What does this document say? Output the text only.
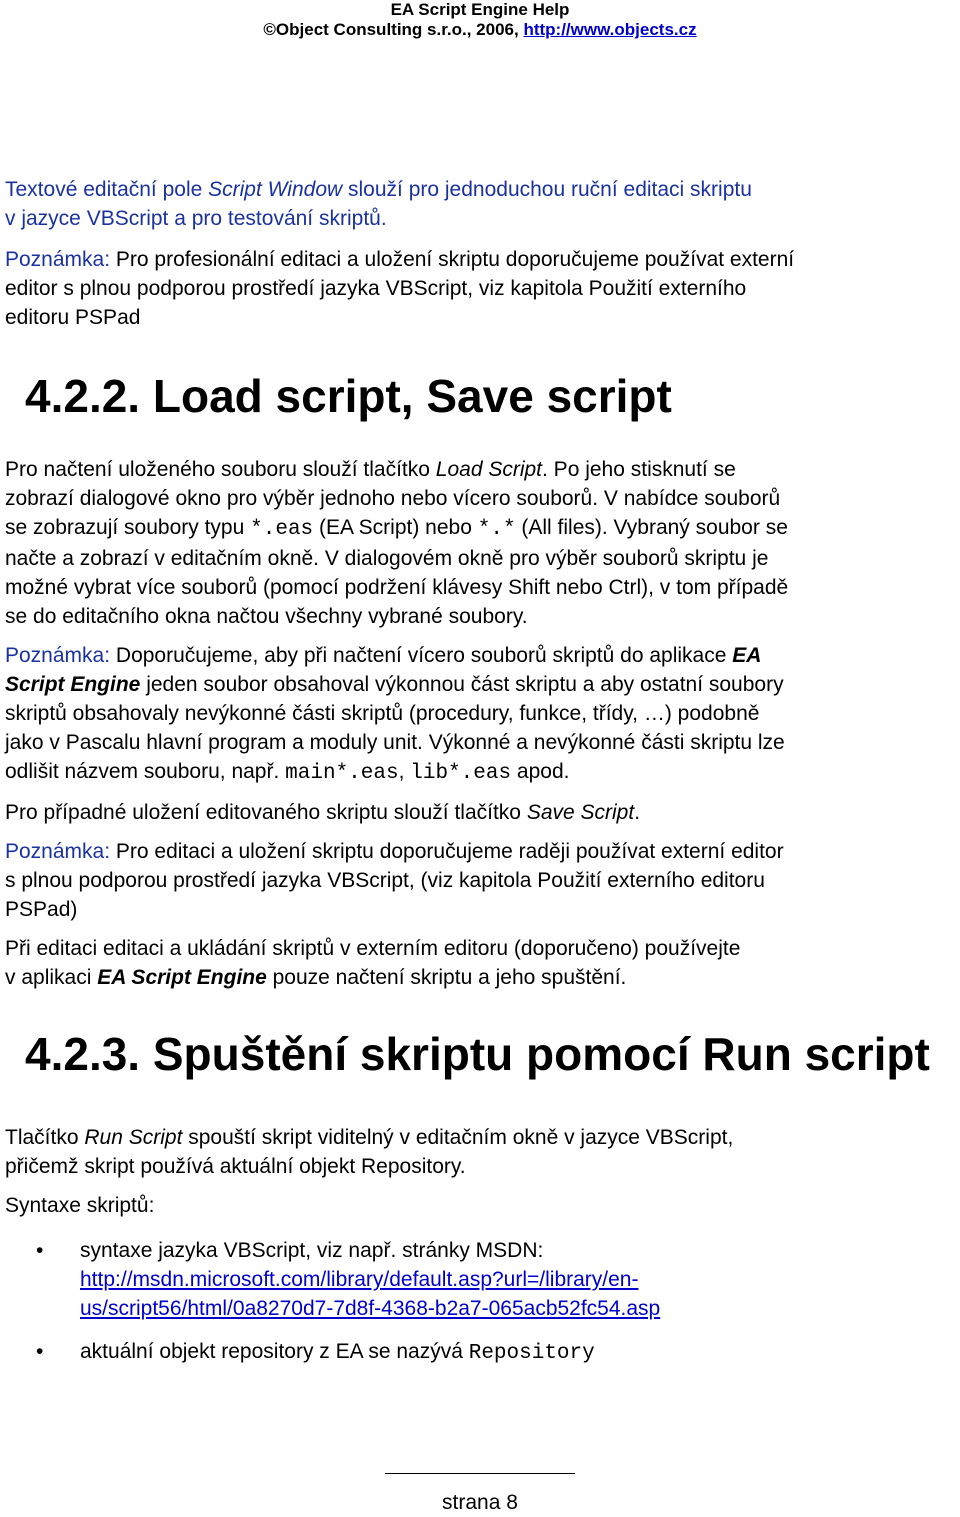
EA Script Engine Help
©Object Consulting s.r.o., 2006, http://www.objects.cz

Textové editační pole Script Window slouží pro jednoduchou ruční editaci skriptu
v jazyce VBScript a pro testování skriptů.

Poznámka: Pro profesionální editaci a uložení skriptu doporučujeme používat externí
editor s plnou podporou prostředí jazyka VBScript, viz kapitola Použití externího
editoru PSPad

4.2.2. Load script, Save script

Pro načtení uloženého souboru slouží tlačítko Load Script. Po jeho stisknutí se
zobrazí dialogové okno pro výběr jednoho nebo vícero souborů. V nabídce souborů
se zobrazují soubory typu *.eas (EA Script) nebo *.* (All files). Vybraný soubor se
načte a zobrazí v editačním okně. V dialogovém okně pro výběr souborů skriptu je
možné vybrat více souborů (pomocí podržení klávesy Shift nebo Ctrl), v tom případě
se do editačního okna načtou všechny vybrané soubory.

Poznámka: Doporučujeme, aby při načtení vícero souborů skriptů do aplikace EA
Script Engine jeden soubor obsahoval výkonnou část skriptu a aby ostatní soubory
skriptů obsahovaly nevýkonné části skriptů (procedury, funkce, třídy, …) podobně
jako v Pascalu hlavní program a moduly unit. Výkonné a nevýkonné části skriptu lze
odlišit názvem souboru, např. main*.eas, lib*.eas apod.

Pro případné uložení editovaného skriptu slouží tlačítko Save Script.

Poznámka: Pro editaci a uložení skriptu doporučujeme raději používat externí editor
s plnou podporou prostředí jazyka VBScript, (viz kapitola Použití externího editoru
PSPad)

Při editaci editaci a ukládání skriptů v externím editoru (doporučeno) používejte
v aplikaci EA Script Engine pouze načtení skriptu a jeho spuštění.

4.2.3. Spuštění skriptu pomocí Run script

Tlačítko Run Script spouští skript viditelný v editačním okně v jazyce VBScript,
přičemž skript používá aktuální objekt Repository.

Syntaxe skriptů:

• syntaxe jazyka VBScript, viz např. stránky MSDN:
http://msdn.microsoft.com/library/default.asp?url=/library/en-
us/script56/html/0a8270d7-7d8f-4368-b2a7-065acb52fc54.asp
• aktuální objekt repository z EA se nazývá Repository
strana 8
